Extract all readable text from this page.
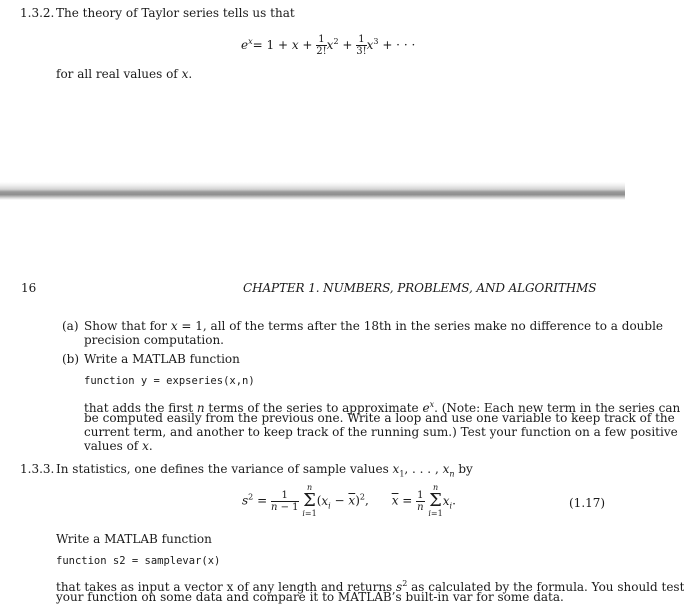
1.3.2. The theory of Taylor series tells us that
$e^x= 1 + x + \frac{1}{2!} x^2 + \frac{1}{3!} x^3$ + · · ·
for all real values of x.
16	CHAPTER 1. NUMBERS, PROBLEMS, AND ALGORITHMS
(a) Show that for x = 1, all of the terms after the 18th in the series make no difference to a double
precision computation.
(b) Write a MATLAB function
function y = expseries(x,n)
that adds the first n terms of the series to approximate $e^x$. (Note: Each new term in the series can
be computed easily from the previous one. Write a loop and use one variable to keep track of the
current term, and another to keep track of the running sum.) Test your function on a few positive
values of x.
1.3.3. In statistics, one defines the variance of sample values $x_1$, . . . , $x_n$ by
$s^2 = \frac{1}{n - 1}$
n
Σ
$i=1(x_i - \overline{x})^2$,      $\overline{x} = \frac{1}{n}$
n
Σ
$i=1x_i$.	(1.17)
Write a MATLAB function
function s2 = samplevar(x)
that takes as input a vector x of any length and returns $s^2$ as calculated by the formula. You should test
your function on some data and compare it to MATLAB’s built-in var for some data.
